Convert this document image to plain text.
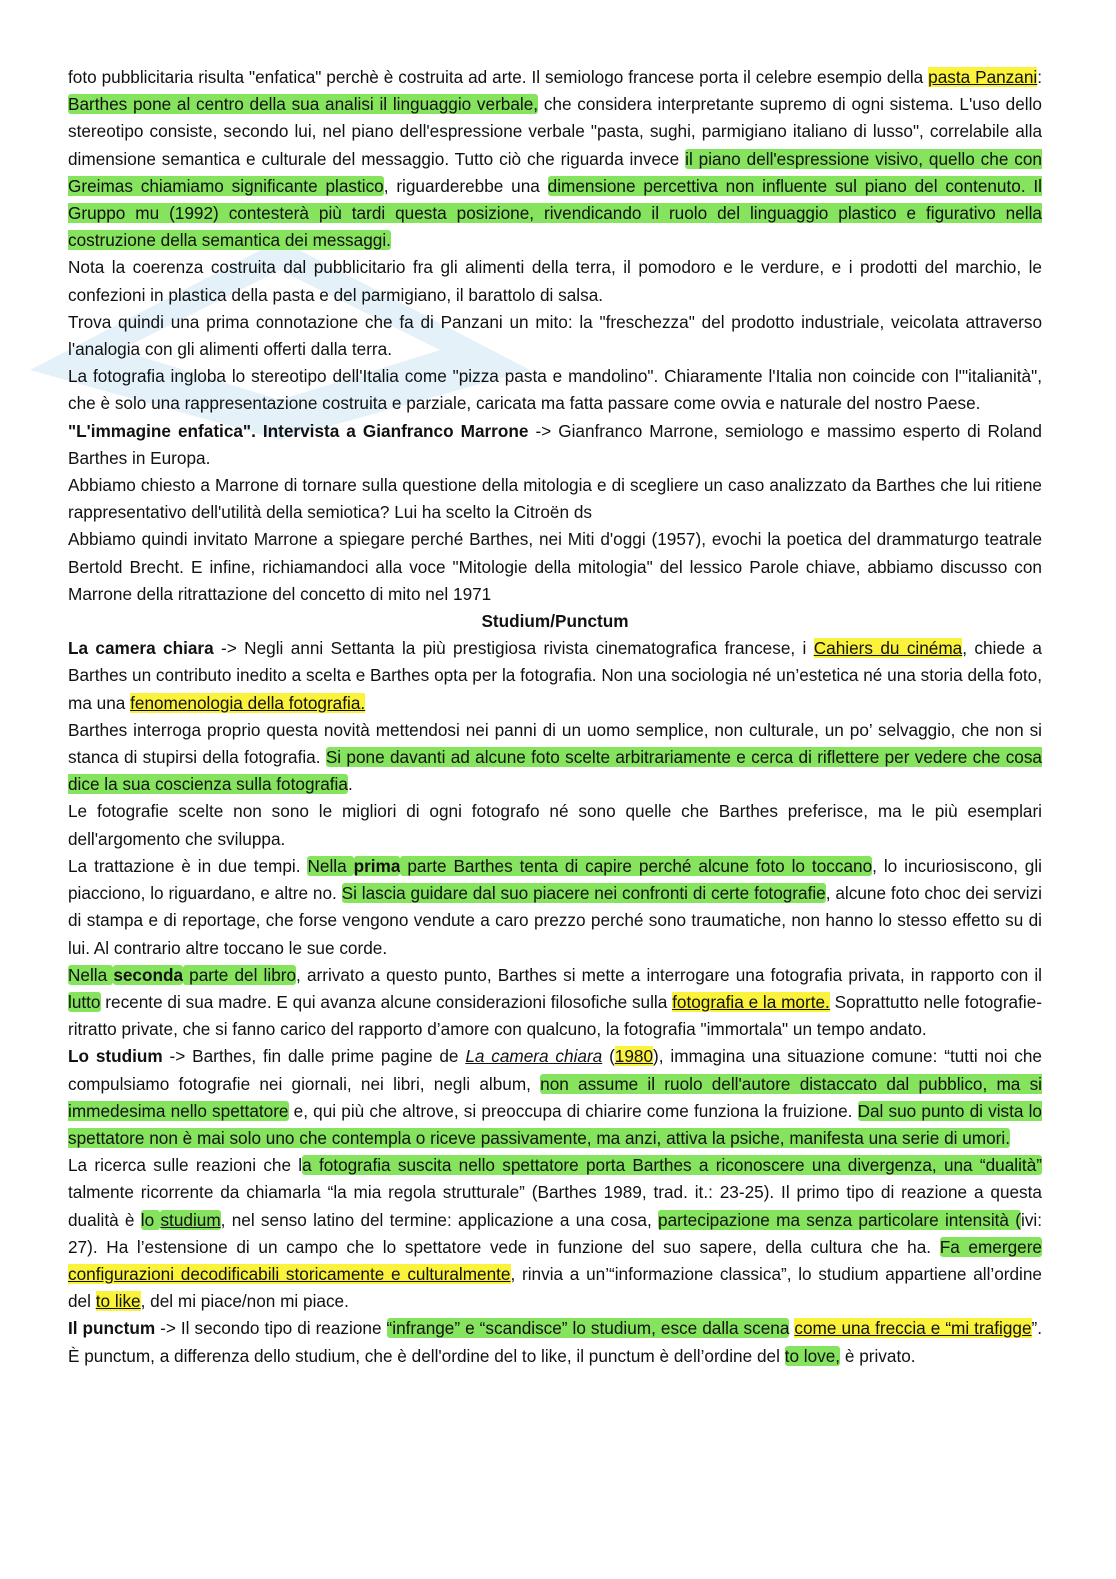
foto pubblicitaria risulta "enfatica" perchè è costruita ad arte. Il semiologo francese porta il celebre esempio della pasta Panzani: Barthes pone al centro della sua analisi il linguaggio verbale, che considera interpretante supremo di ogni sistema. L'uso dello stereotipo consiste, secondo lui, nel piano dell'espressione verbale "pasta, sughi, parmigiano italiano di lusso", correlabile alla dimensione semantica e culturale del messaggio. Tutto ciò che riguarda invece il piano dell'espressione visivo, quello che con Greimas chiamiamo significante plastico, riguarderebbe una dimensione percettiva non influente sul piano del contenuto. Il Gruppo mu (1992) contesterà più tardi questa posizione, rivendicando il ruolo del linguaggio plastico e figurativo nella costruzione della semantica dei messaggi.

Nota la coerenza costruita dal pubblicitario fra gli alimenti della terra, il pomodoro e le verdure, e i prodotti del marchio, le confezioni in plastica della pasta e del parmigiano, il barattolo di salsa.

Trova quindi una prima connotazione che fa di Panzani un mito: la "freschezza" del prodotto industriale, veicolata attraverso l'analogia con gli alimenti offerti dalla terra.

La fotografia ingloba lo stereotipo dell'Italia come "pizza pasta e mandolino". Chiaramente l'Italia non coincide con l'"italianità", che è solo una rappresentazione costruita e parziale, caricata ma fatta passare come ovvia e naturale del nostro Paese.

"L'immagine enfatica". Intervista a Gianfranco Marrone -> Gianfranco Marrone, semiologo e massimo esperto di Roland Barthes in Europa.

Abbiamo chiesto a Marrone di tornare sulla questione della mitologia e di scegliere un caso analizzato da Barthes che lui ritiene rappresentativo dell'utilità della semiotica? Lui ha scelto la Citroën ds

Abbiamo quindi invitato Marrone a spiegare perché Barthes, nei Miti d'oggi (1957), evochi la poetica del drammaturgo teatrale Bertold Brecht. E infine, richiamandoci alla voce "Mitologie della mitologia" del lessico Parole chiave, abbiamo discusso con Marrone della ritrattazione del concetto di mito nel 1971

Studium/Punctum

La camera chiara -> Negli anni Settanta la più prestigiosa rivista cinematografica francese, i Cahiers du cinéma, chiede a Barthes un contributo inedito a scelta e Barthes opta per la fotografia. Non una sociologia né un’estetica né una storia della foto, ma una fenomenologia della fotografia.

Barthes interroga proprio questa novità mettendosi nei panni di un uomo semplice, non culturale, un po’ selvaggio, che non si stanca di stupirsi della fotografia. Si pone davanti ad alcune foto scelte arbitrariamente e cerca di riflettere per vedere che cosa dice la sua coscienza sulla fotografia.

Le fotografie scelte non sono le migliori di ogni fotografo né sono quelle che Barthes preferisce, ma le più esemplari dell'argomento che sviluppa.

La trattazione è in due tempi. Nella prima parte Barthes tenta di capire perché alcune foto lo toccano, lo incuriosiscono, gli piacciono, lo riguardano, e altre no. Si lascia guidare dal suo piacere nei confronti di certe fotografie, alcune foto choc dei servizi di stampa e di reportage, che forse vengono vendute a caro prezzo perché sono traumatiche, non hanno lo stesso effetto su di lui. Al contrario altre toccano le sue corde.

Nella seconda parte del libro, arrivato a questo punto, Barthes si mette a interrogare una fotografia privata, in rapporto con il lutto recente di sua madre. E qui avanza alcune considerazioni filosofiche sulla fotografia e la morte. Soprattutto nelle fotografie-ritratto private, che si fanno carico del rapporto d’amore con qualcuno, la fotografia "immortala" un tempo andato.

Lo studium -> Barthes, fin dalle prime pagine de La camera chiara (1980), immagina una situazione comune: “tutti noi che compulsiamo fotografie nei giornali, nei libri, negli album, non assume il ruolo dell'autore distaccato dal pubblico, ma si immedesima nello spettatore e, qui più che altrove, si preoccupa di chiarire come funziona la fruizione. Dal suo punto di vista lo spettatore non è mai solo uno che contempla o riceve passivamente, ma anzi, attiva la psiche, manifesta una serie di umori.

La ricerca sulle reazioni che la fotografia suscita nello spettatore porta Barthes a riconoscere una divergenza, una “dualità” talmente ricorrente da chiamarla “la mia regola strutturale” (Barthes 1989, trad. it.: 23-25). Il primo tipo di reazione a questa dualità è lo studium, nel senso latino del termine: applicazione a una cosa, partecipazione ma senza particolare intensità (ivi: 27). Ha l’estensione di un campo che lo spettatore vede in funzione del suo sapere, della cultura che ha. Fa emergere configurazioni decodificabili storicamente e culturalmente, rinvia a un’“informazione classica”, lo studium appartiene all’ordine del to like, del mi piace/non mi piace.

Il punctum -> Il secondo tipo di reazione “infrange” e “scandisce” lo studium, esce dalla scena come una freccia e “mi trafigge”. È punctum, a differenza dello studium, che è dell'ordine del to like, il punctum è dell’ordine del to love, è privato.
